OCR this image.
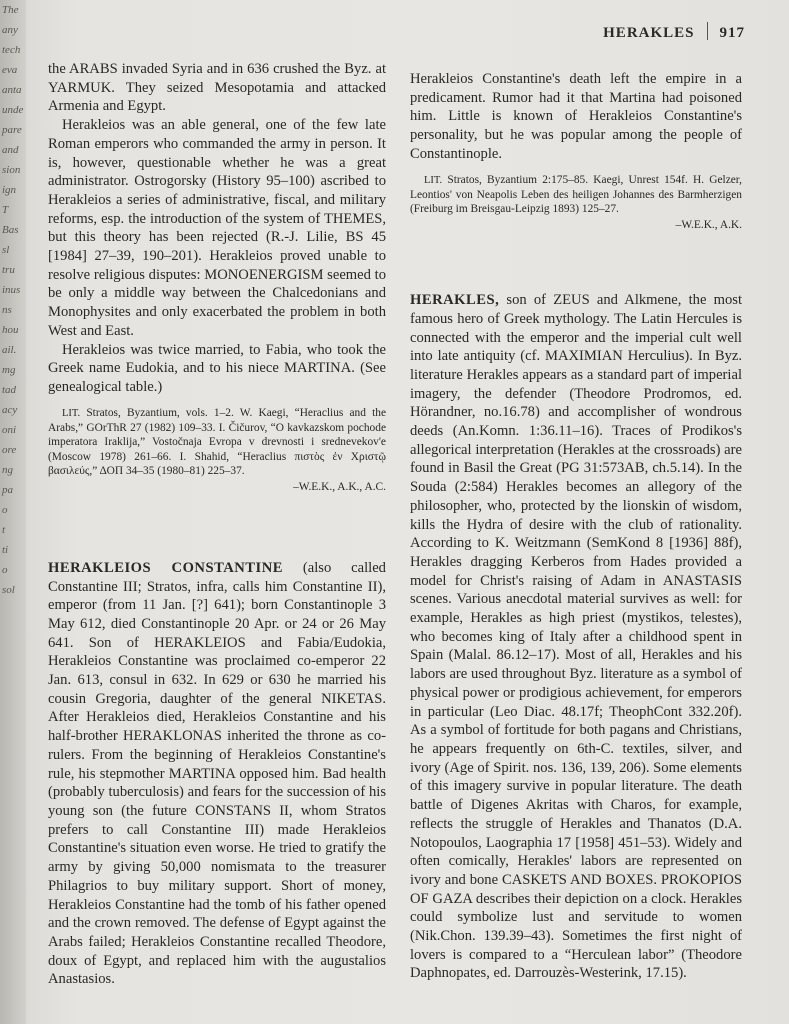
The
any
tech
eva
anta
unde
pare
and
sion
ign
T
Bas
sl
tru
inus
ns
hou
ail.
mg
tad
acy
oni
ore
ng
pa
o
t
ti
o
sol
HERAKLES 917

the ARABS invaded Syria and in 636 crushed the Byz. at YARMUK. They seized Mesopotamia and attacked Armenia and Egypt.

Herakleios was an able general, one of the few late Roman emperors who commanded the army in person. It is, however, questionable whether he was a great administrator. Ostrogorsky (History 95–100) ascribed to Herakleios a series of administrative, fiscal, and military reforms, esp. the introduction of the system of THEMES, but this theory has been rejected (R.-J. Lilie, BS 45 [1984] 27–39, 190–201). Herakleios proved unable to resolve religious disputes: MONOENERGISM seemed to be only a middle way between the Chalcedonians and Monophysites and only exacerbated the problem in both West and East.

Herakleios was twice married, to Fabia, who took the Greek name Eudokia, and to his niece MARTINA. (See genealogical table.)

LIT. Stratos, Byzantium, vols. 1–2. W. Kaegi, “Heraclius and the Arabs,” GOrThR 27 (1982) 109–33. I. Čičurov, “O kavkazskom pochode imperatora Iraklija,” Vostočnaja Evropa v drevnosti i srednevekov'e (Moscow 1978) 261–66. I. Shahid, “Heraclius πιστὸς ἐν Χριστῷ βασιλεύς,” ΔΟΠ 34–35 (1980–81) 225–37.
–W.E.K., A.K., A.C.

HERAKLEIOS CONSTANTINE (also called Constantine III; Stratos, infra, calls him Constantine II), emperor (from 11 Jan. [?] 641); born Constantinople 3 May 612, died Constantinople 20 Apr. or 24 or 26 May 641. Son of HERAKLEIOS and Fabia/Eudokia, Herakleios Constantine was proclaimed co-emperor 22 Jan. 613, consul in 632. In 629 or 630 he married his cousin Gregoria, daughter of the general NIKETAS. After Herakleios died, Herakleios Constantine and his half-brother HERAKLONAS inherited the throne as co-rulers. From the beginning of Herakleios Constantine's rule, his stepmother MARTINA opposed him. Bad health (probably tuberculosis) and fears for the succession of his young son (the future CONSTANS II, whom Stratos prefers to call Constantine III) made Herakleios Constantine's situation even worse. He tried to gratify the army by giving 50,000 nomismata to the treasurer Philagrios to buy military support. Short of money, Herakleios Constantine had the tomb of his father opened and the crown removed. The defense of Egypt against the Arabs failed; Herakleios Constantine recalled Theodore, doux of Egypt, and replaced him with the augustalios Anastasios.

Herakleios Constantine's death left the empire in a predicament. Rumor had it that Martina had poisoned him. Little is known of Herakleios Constantine's personality, but he was popular among the people of Constantinople.

LIT. Stratos, Byzantium 2:175–85. Kaegi, Unrest 154f. H. Gelzer, Leontios' von Neapolis Leben des heiligen Johannes des Barmherzigen (Freiburg im Breisgau-Leipzig 1893) 125–27.
–W.E.K., A.K.

HERAKLES, son of ZEUS and Alkmene, the most famous hero of Greek mythology. The Latin Hercules is connected with the emperor and the imperial cult well into late antiquity (cf. MAXIMIAN Herculius). In Byz. literature Herakles appears as a standard part of imperial imagery, the defender (Theodore Prodromos, ed. Hörandner, no.16.78) and accomplisher of wondrous deeds (An.Komn. 1:36.11–16). Traces of Prodikos's allegorical interpretation (Herakles at the crossroads) are found in Basil the Great (PG 31:573AB, ch.5.14). In the Souda (2:584) Herakles becomes an allegory of the philosopher, who, protected by the lionskin of wisdom, kills the Hydra of desire with the club of rationality. According to K. Weitzmann (SemKond 8 [1936] 88f), Herakles dragging Kerberos from Hades provided a model for Christ's raising of Adam in ANASTASIS scenes. Various anecdotal material survives as well: for example, Herakles as high priest (mystikos, telestes), who becomes king of Italy after a childhood spent in Spain (Malal. 86.12–17). Most of all, Herakles and his labors are used throughout Byz. literature as a symbol of physical power or prodigious achievement, for emperors in particular (Leo Diac. 48.17f; TheophCont 332.20f). As a symbol of fortitude for both pagans and Christians, he appears frequently on 6th-C. textiles, silver, and ivory (Age of Spirit. nos. 136, 139, 206). Some elements of this imagery survive in popular literature. The death battle of Digenes Akritas with Charos, for example, reflects the struggle of Herakles and Thanatos (D.A. Notopoulos, Laographia 17 [1958] 451–53). Widely and often comically, Herakles' labors are represented on ivory and bone CASKETS AND BOXES. PROKOPIOS OF GAZA describes their depiction on a clock. Herakles could symbolize lust and servitude to women (Nik.Chon. 139.39–43). Sometimes the first night of lovers is compared to a “Herculean labor” (Theodore Daphnopates, ed. Darrouzès-Westerink, 17.15).
